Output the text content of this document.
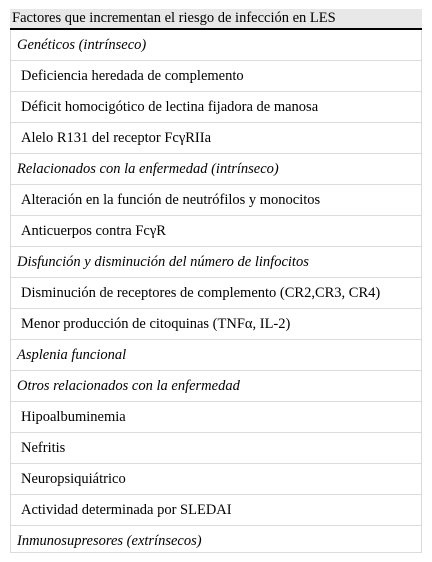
Factores que incrementan el riesgo de infección en LES
Genéticos (intrínseco)
Deficiencia heredada de complemento
Déficit homocigótico de lectina fijadora de manosa
Alelo R131 del receptor FcγRIIa
Relacionados con la enfermedad (intrínseco)
Alteración en la función de neutrófilos y monocitos
Anticuerpos contra FcγR
Disfunción y disminución del número de linfocitos
Disminución de receptores de complemento (CR2,CR3, CR4)
Menor producción de citoquinas (TNFα, IL-2)
Asplenia funcional
Otros relacionados con la enfermedad
Hipoalbuminemia
Nefritis
Neuropsiquiátrico
Actividad determinada por SLEDAI
Inmunosupresores (extrínsecos)
